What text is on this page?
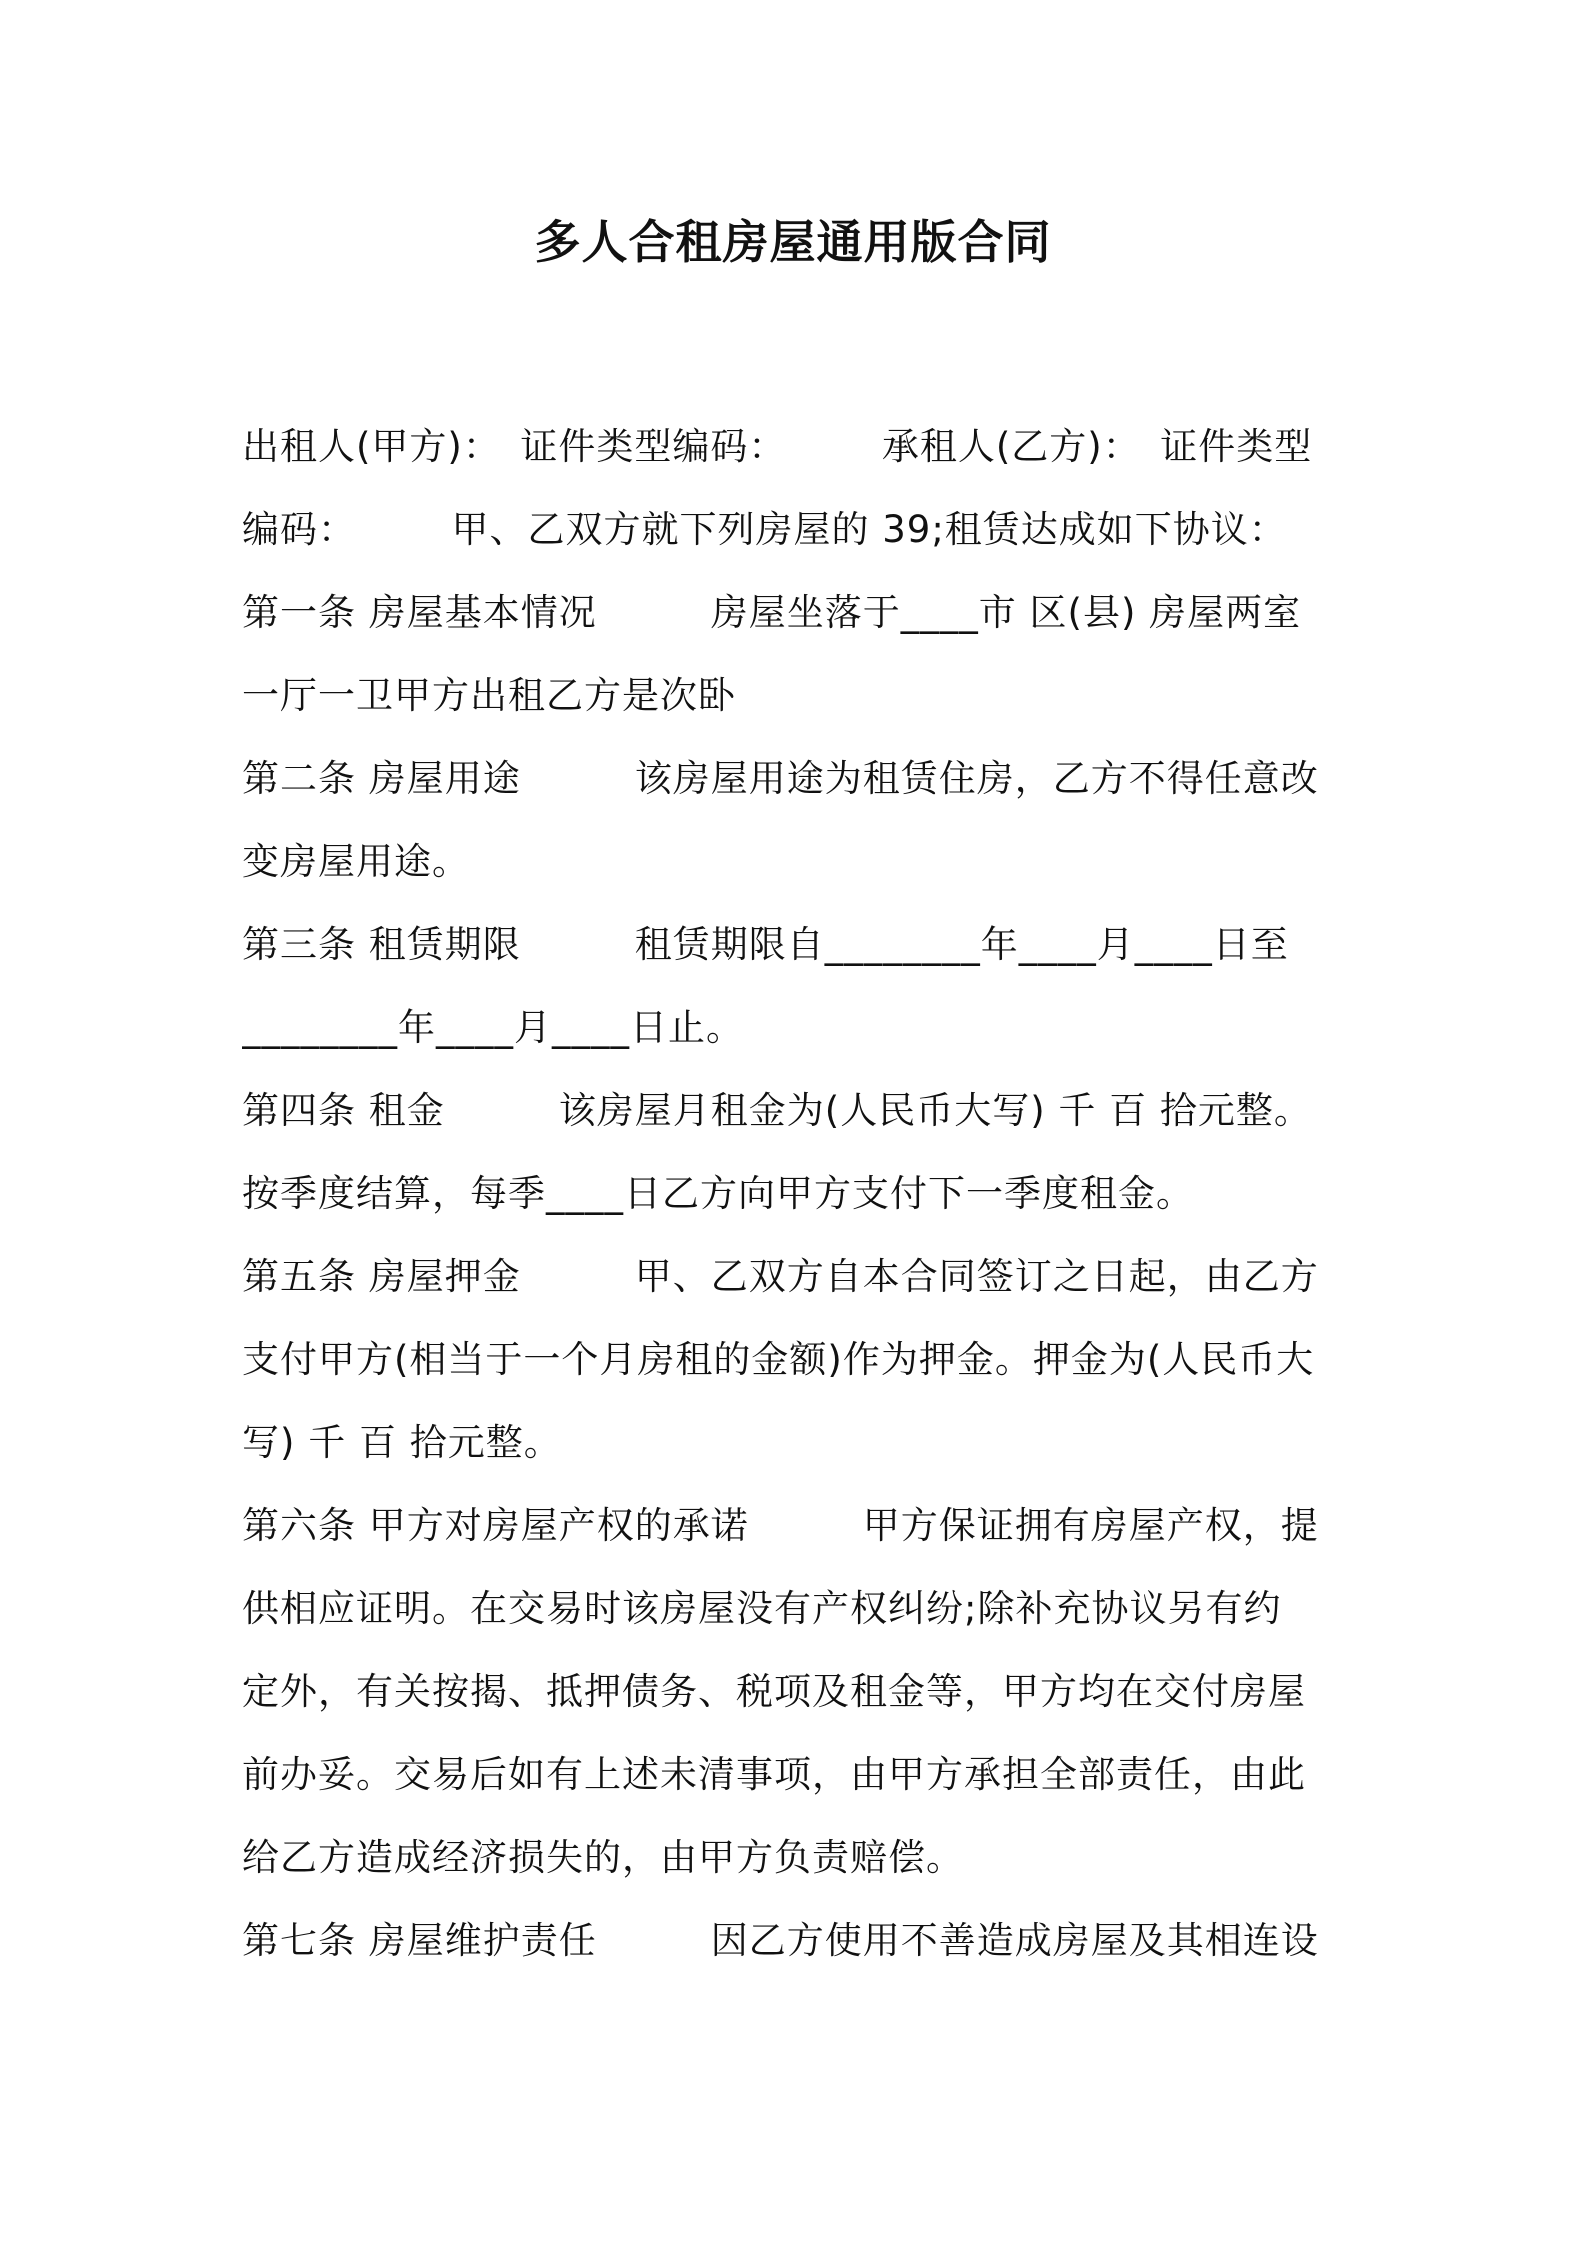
多人合租房屋通用版合同
出租人(甲方)：　证件类型编码：　　　承租人(乙方)：　证件类型
编码：　　　甲、乙双方就下列房屋的 39;租赁达成如下协议：
第一条 房屋基本情况　　　房屋坐落于____市 区(县) 房屋两室
一厅一卫甲方出租乙方是次卧
第二条 房屋用途　　　该房屋用途为租赁住房，乙方不得任意改
变房屋用途。
第三条 租赁期限　　　租赁期限自________年____月____日至
________年____月____日止。
第四条 租金　　　该房屋月租金为(人民币大写) 千 百 拾元整。
按季度结算，每季____日乙方向甲方支付下一季度租金。
第五条 房屋押金　　　甲、乙双方自本合同签订之日起，由乙方
支付甲方(相当于一个月房租的金额)作为押金。押金为(人民币大
写) 千 百 拾元整。
第六条 甲方对房屋产权的承诺　　　甲方保证拥有房屋产权，提
供相应证明。在交易时该房屋没有产权纠纷;除补充协议另有约
定外，有关按揭、抵押债务、税项及租金等，甲方均在交付房屋
前办妥。交易后如有上述未清事项，由甲方承担全部责任，由此
给乙方造成经济损失的，由甲方负责赔偿。
第七条 房屋维护责任　　　因乙方使用不善造成房屋及其相连设
